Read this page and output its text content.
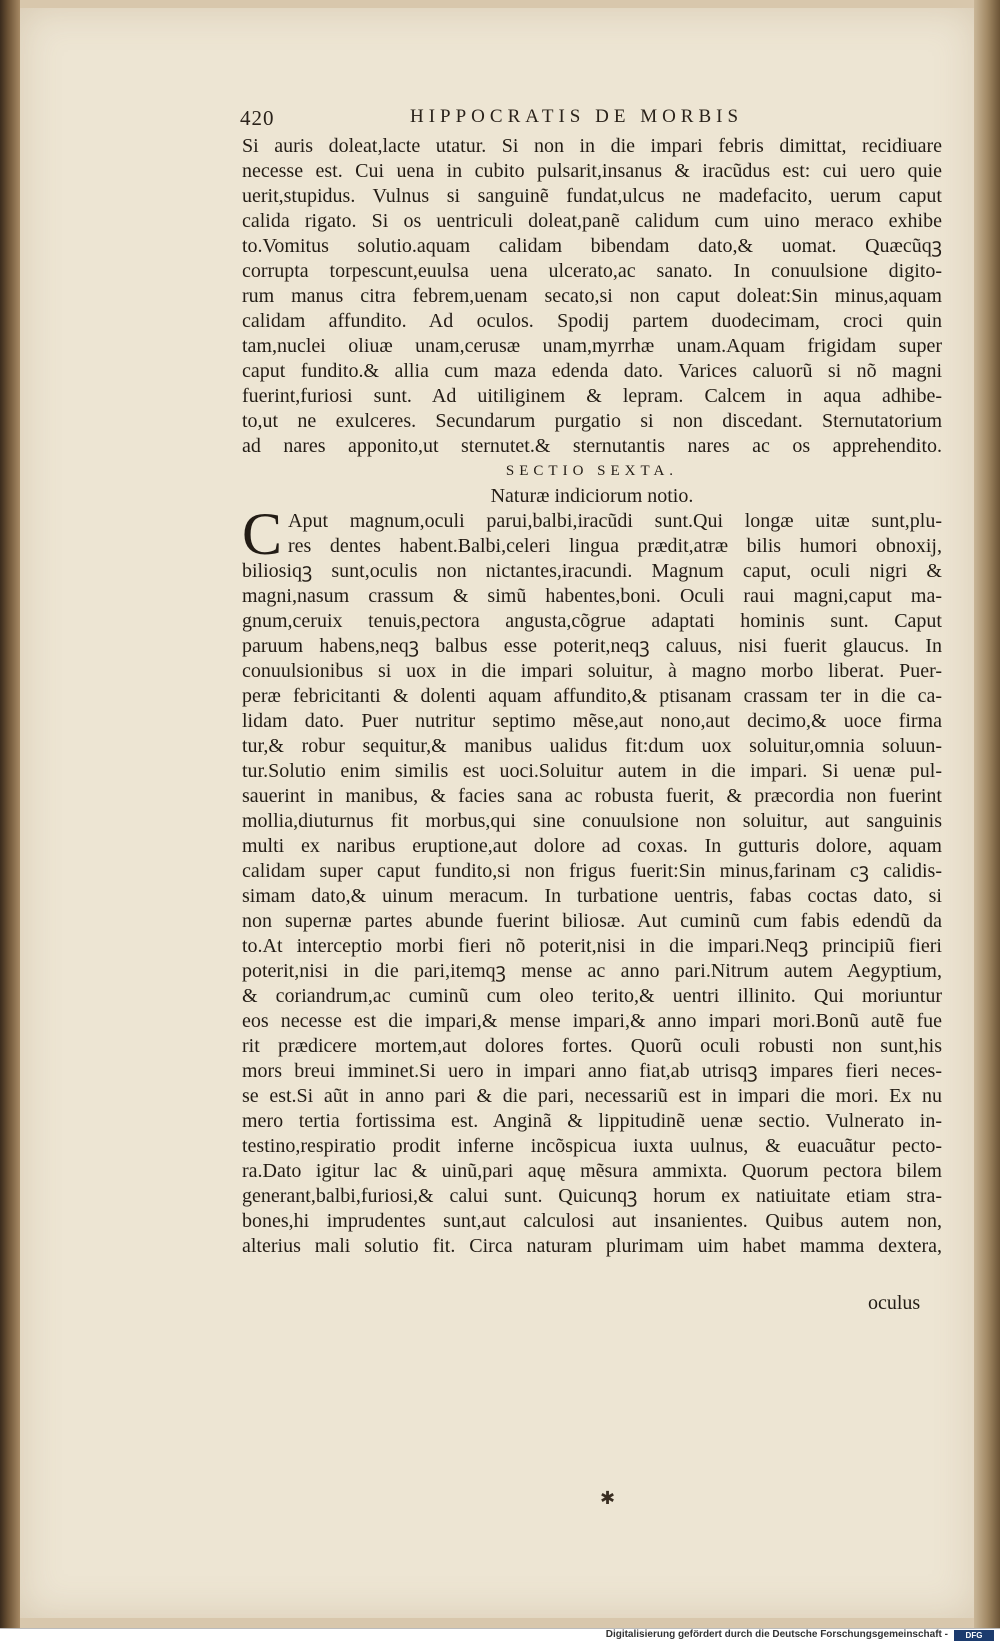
420	HIPPOCRATIS DE MORBIS
Si auris doleat,lacte utatur. Si non in die impari febris dimittat, recidiuare
necesse est. Cui uena in cubito pulsarit,insanus & iracũdus est: cui uero quie
uerit,stupidus. Vulnus si sanguinẽ fundat,ulcus ne madefacito, uerum caput
calida rigato. Si os uentriculi doleat,panẽ calidum cum uino meraco exhibe
to.Vomitus solutio.aquam calidam bibendam dato,& uomat. Quæcũqꝫ
corrupta torpescunt,euulsa uena ulcerato,ac sanato. In conuulsione digito-
rum manus citra febrem,uenam secato,si non caput doleat:Sin minus,aquam
calidam affundito. Ad oculos. Spodij partem duodecimam, croci quin
tam,nuclei oliuæ unam,cerusæ unam,myrrhæ unam.Aquam frigidam super
caput fundito.& allia cum maza edenda dato. Varices caluorũ si nõ magni
fuerint,furiosi sunt. Ad uitiliginem & lepram. Calcem in aqua adhibe-
to,ut ne exulceres. Secundarum purgatio si non discedant. Sternutatorium
ad nares apponito,ut sternutet.& sternutantis nares ac os apprehendito.
SECTIO SEXTA.
Naturæ indiciorum notio.
Aput magnum,oculi parui,balbi,iracũdi sunt.Qui longæ uitæ sunt,plu-
res dentes habent.Balbi,celeri lingua prædit,atræ bilis humori obnoxij,
biliosiqꝫ sunt,oculis non nictantes,iracundi. Magnum caput, oculi nigri &
magni,nasum crassum & simũ habentes,boni. Oculi raui magni,caput ma-
gnum,ceruix tenuis,pectora angusta,cõgrue adaptati hominis sunt. Caput
paruum habens,neqꝫ balbus esse poterit,neqꝫ caluus, nisi fuerit glaucus. In
conuulsionibus si uox in die impari soluitur, à magno morbo liberat. Puer-
peræ febricitanti & dolenti aquam affundito,& ptisanam crassam ter in die ca-
lidam dato. Puer nutritur septimo mẽse,aut nono,aut decimo,& uoce firma
tur,& robur sequitur,& manibus ualidus fit:dum uox soluitur,omnia soluun-
tur.Solutio enim similis est uoci.Soluitur autem in die impari. Si uenæ pul-
sauerint in manibus, & facies sana ac robusta fuerit, & præcordia non fuerint
mollia,diuturnus fit morbus,qui sine conuulsione non soluitur, aut sanguinis
multi ex naribus eruptione,aut dolore ad coxas. In gutturis dolore, aquam
calidam super caput fundito,si non frigus fuerit:Sin minus,farinam cꝫ calidis-
simam dato,& uinum meracum. In turbatione uentris, fabas coctas dato, si
non supernæ partes abunde fuerint biliosæ. Aut cuminũ cum fabis edendũ da
to.At interceptio morbi fieri nõ poterit,nisi in die impari.Neqꝫ principiũ fieri
poterit,nisi in die pari,itemqꝫ mense ac anno pari.Nitrum autem Aegyptium,
& coriandrum,ac cuminũ cum oleo terito,& uentri illinito. Qui moriuntur
eos necesse est die impari,& mense impari,& anno impari mori.Bonũ autẽ fue
rit prædicere mortem,aut dolores fortes. Quorũ oculi robusti non sunt,his
mors breui imminet.Si uero in impari anno fiat,ab utrisqꝫ impares fieri neces-
se est.Si aũt in anno pari & die pari, necessariũ est in impari die mori. Ex nu
mero tertia fortissima est. Anginã & lippitudinẽ uenæ sectio. Vulnerato in-
testino,respiratio prodit inferne incõspicua iuxta uulnus, & euacuãtur pecto-
ra.Dato igitur lac & uinũ,pari aquę mẽsura ammixta. Quorum pectora bilem
generant,balbi,furiosi,& calui sunt. Quicunqꝫ horum ex natiuitate etiam stra-
bones,hi imprudentes sunt,aut calculosi aut insanientes. Quibus autem non,
alterius mali solutio fit. Circa naturam plurimam uim habet mamma dextera,
C
oculus
✱
Digitalisierung gefördert durch die Deutsche Forschungsgemeinschaft -	DFG
